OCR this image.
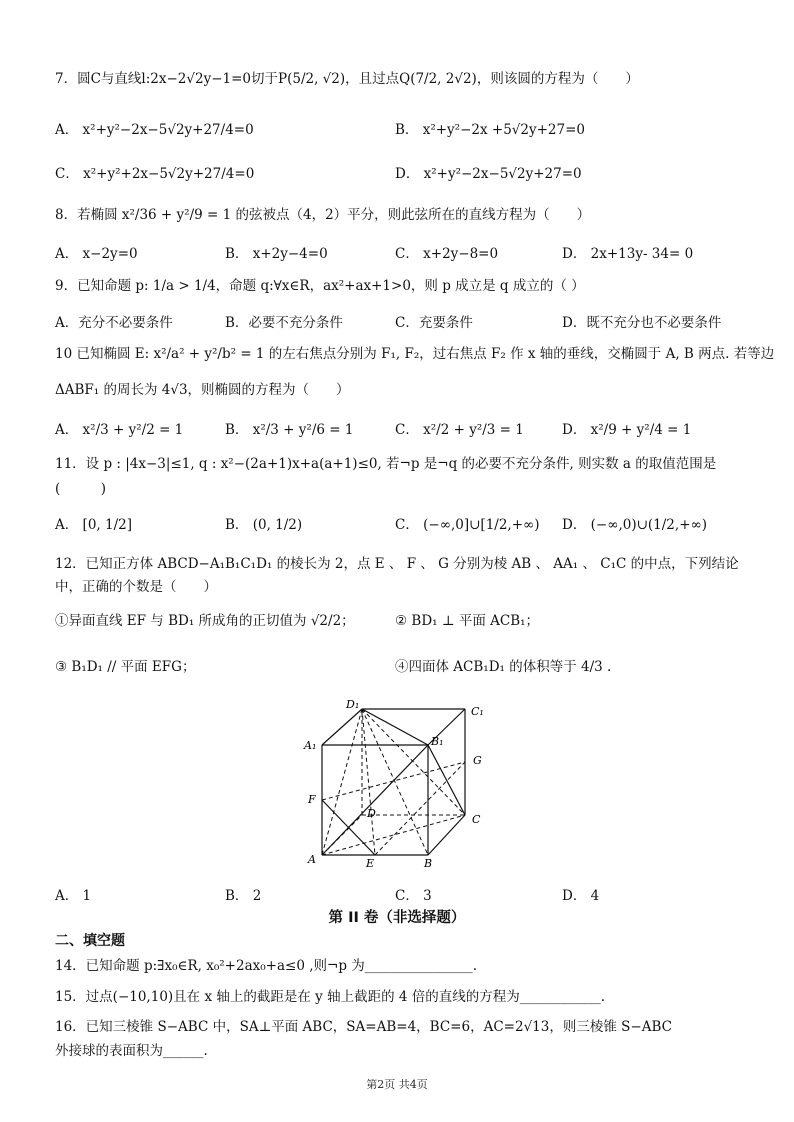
7．圆C与直线l:2x−2√2y−1=0切于P(5/2, √2)，且过点Q(7/2, 2√2)，则该圆的方程为（　　）
A． x²+y²−2x−5√2y+27/4=0	B． x²+y²−2x +5√2y+27=0
C． x²+y²+2x−5√2y+27/4=0	D． x²+y²−2x−5√2y+27=0
8．若椭圆 x²/36 + y²/9 = 1 的弦被点（4，2）平分，则此弦所在的直线方程为（　　）
A． x−2y=0	B． x+2y−4=0	C． x+2y−8=0	D． 2x+13y- 34= 0
9．已知命题 p: 1/a > 1/4，命题 q:∀x∈R，ax²+ax+1>0，则 p 成立是 q 成立的（ ）
A．充分不必要条件	B．必要不充分条件	C．充要条件	D．既不充分也不必要条件
10 已知椭圆 E: x²/a² + y²/b² = 1 的左右焦点分别为 F₁, F₂，过右焦点 F₂ 作 x 轴的垂线，交椭圆于 A, B 两点. 若等边
ΔABF₁ 的周长为 4√3，则椭圆的方程为（　　）
A． x²/3 + y²/2 = 1	B． x²/3 + y²/6 = 1	C． x²/2 + y²/3 = 1	D． x²/9 + y²/4 = 1
11．设 p : |4x−3|≤1, q : x²−(2a+1)x+a(a+1)≤0, 若¬p 是¬q 的必要不充分条件, 则实数 a 的取值范围是
(　　　)
A． [0, 1/2]	B． (0, 1/2)	C． (−∞,0]∪[1/2,+∞) D． (−∞,0)∪(1/2,+∞)
12．已知正方体 ABCD−A₁B₁C₁D₁ 的棱长为 2，点 E 、 F 、 G 分别为棱 AB 、 AA₁ 、 C₁C 的中点，下列结论
中，正确的个数是（　　）
①异面直线 EF 与 BD₁ 所成角的正切值为 √2/2；	② BD₁ ⊥ 平面 ACB₁；
③ B₁D₁ // 平面 EFG；	④四面体 ACB₁D₁ 的体积等于 4/3 .
D₁
C₁
A₁	B₁
G
F
D	C
A	E	B
A． 1	B． 2	C． 3	D． 4
第 II 卷（非选择题）
二、填空题
14．已知命题 p:∃x₀∈R, x₀²+2ax₀+a≤0 ,则¬p 为________________.
15．过点(−10,10)且在 x 轴上的截距是在 y 轴上截距的 4 倍的直线的方程为____________.
16．已知三棱锥 S−ABC 中，SA⊥平面 ABC，SA=AB=4，BC=6，AC=2√13，则三棱锥 S−ABC
外接球的表面积为______.
第2页 共4页
